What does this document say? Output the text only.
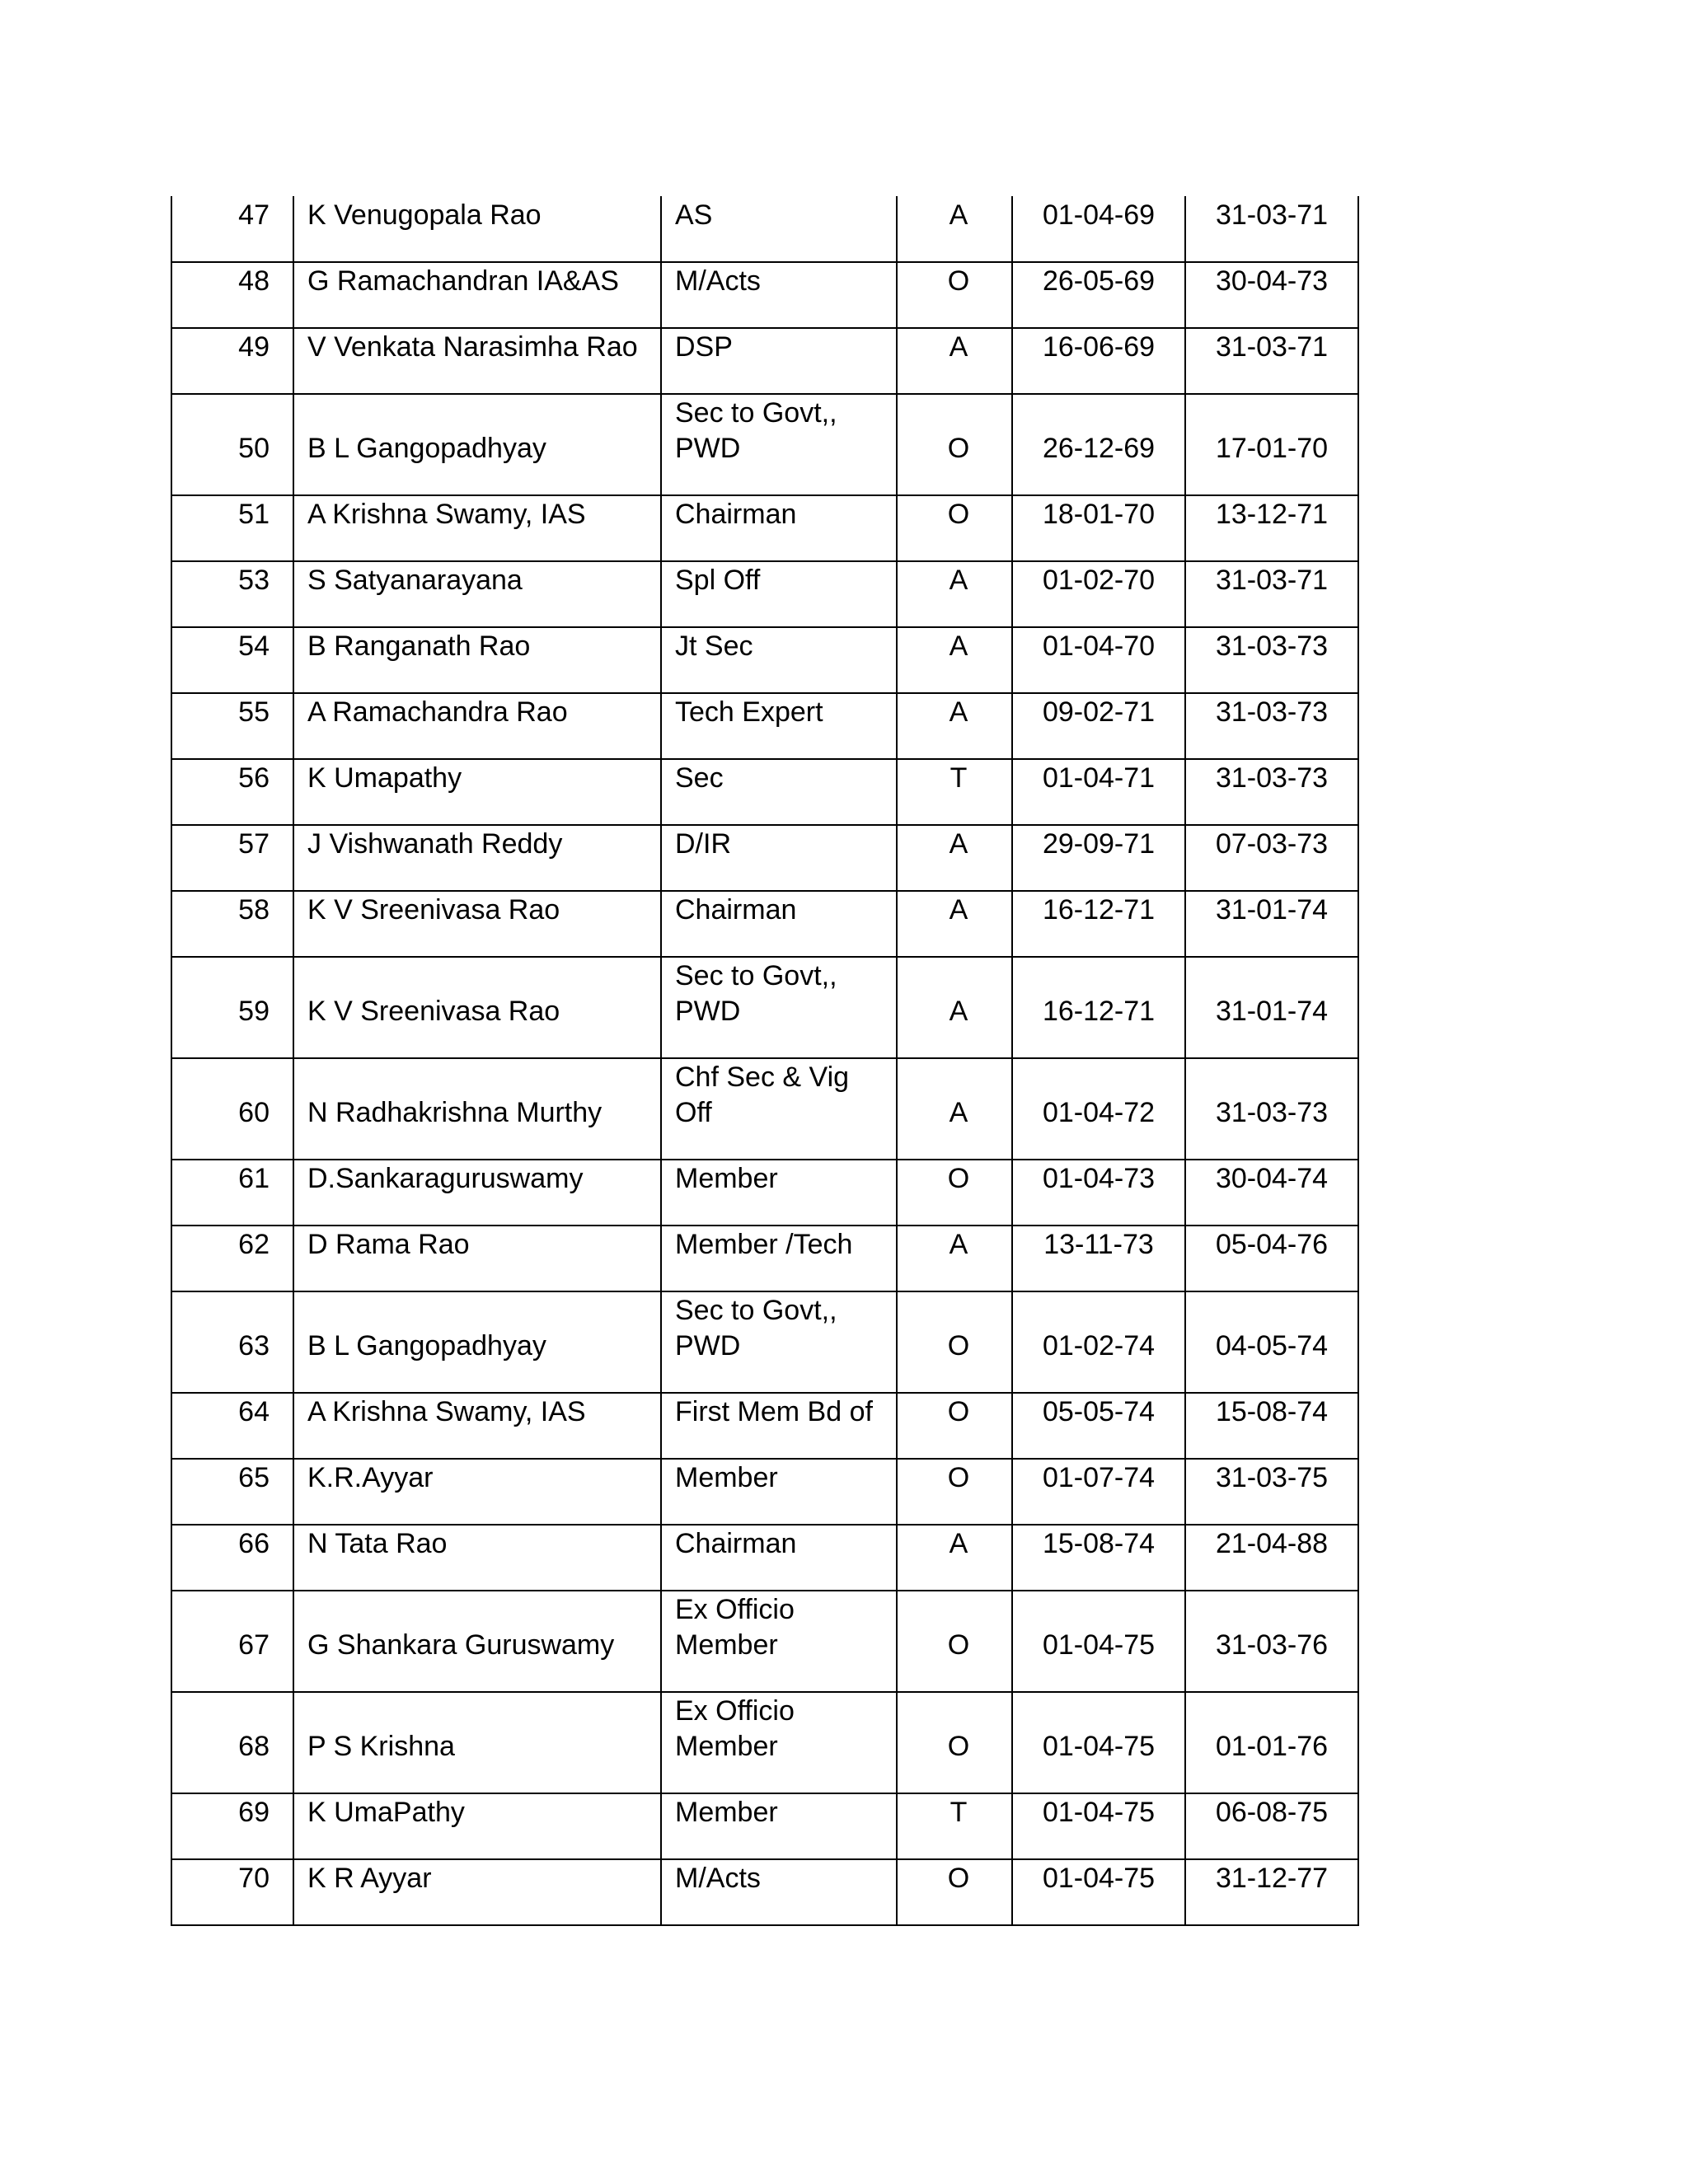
47	K Venugopala Rao	AS	A	01-04-69	31-03-71
48	G Ramachandran IA&AS	M/Acts	O	26-05-69	30-04-73
49	V Venkata Narasimha Rao	DSP	A	16-06-69	31-03-71
50	B L Gangopadhyay	Sec to Govt,,
PWD	O	26-12-69	17-01-70
51	A Krishna Swamy, IAS	Chairman	O	18-01-70	13-12-71
53	S Satyanarayana	Spl Off	A	01-02-70	31-03-71
54	B Ranganath Rao	Jt Sec	A	01-04-70	31-03-73
55	A Ramachandra Rao	Tech Expert	A	09-02-71	31-03-73
56	K Umapathy	Sec	T	01-04-71	31-03-73
57	J Vishwanath Reddy	D/IR	A	29-09-71	07-03-73
58	K V Sreenivasa Rao	Chairman	A	16-12-71	31-01-74
59	K V Sreenivasa Rao	Sec to Govt,,
PWD	A	16-12-71	31-01-74
60	N Radhakrishna Murthy	Chf Sec & Vig
Off	A	01-04-72	31-03-73
61	D.Sankaraguruswamy	Member	O	01-04-73	30-04-74
62	D Rama Rao	Member /Tech	A	13-11-73	05-04-76
63	B L Gangopadhyay	Sec to Govt,,
PWD	O	01-02-74	04-05-74
64	A Krishna Swamy, IAS	First Mem Bd of	O	05-05-74	15-08-74
65	K.R.Ayyar	Member	O	01-07-74	31-03-75
66	N Tata Rao	Chairman	A	15-08-74	21-04-88
67	G Shankara Guruswamy	Ex Officio
Member	O	01-04-75	31-03-76
68	P S Krishna	Ex Officio
Member	O	01-04-75	01-01-76
69	K UmaPathy	Member	T	01-04-75	06-08-75
70	K R Ayyar	M/Acts	O	01-04-75	31-12-77
